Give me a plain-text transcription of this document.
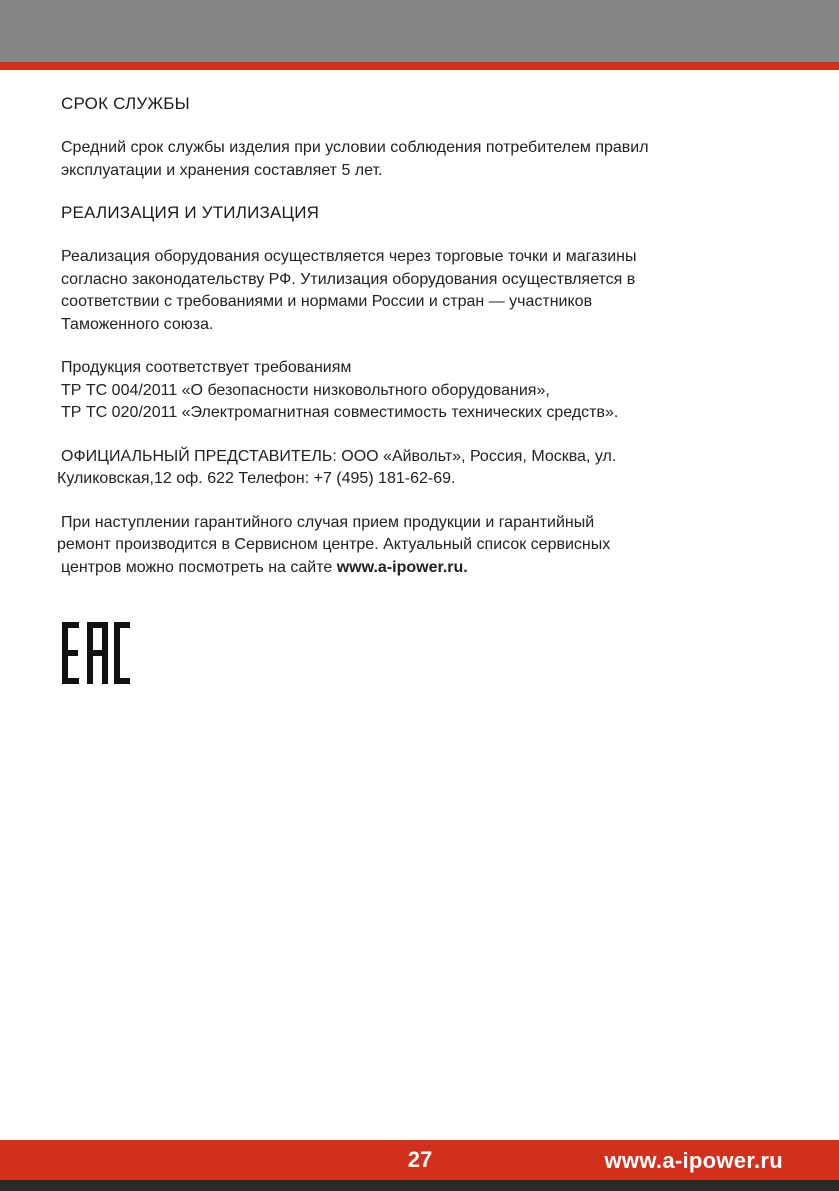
СРОК СЛУЖБЫ

Средний срок службы изделия при условии соблюдения потребителем правил
эксплуатации и хранения составляет 5 лет.

РЕАЛИЗАЦИЯ И УТИЛИЗАЦИЯ

Реализация оборудования осуществляется через торговые точки и магазины
согласно законодательству РФ. Утилизация оборудования осуществляется в
соответствии с требованиями и нормами России и стран — участников
Таможенного союза.

Продукция соответствует требованиям
ТР ТС 004/2011 «О безопасности низковольтного оборудования»,
ТР ТС 020/2011 «Электромагнитная совместимость технических средств».

ОФИЦИАЛЬНЫЙ ПРЕДСТАВИТЕЛЬ: ООО «Айвольт», Россия, Москва, ул.
Куликовская,12 оф. 622 Телефон: +7 (495) 181-62-69.

При наступлении гарантийного случая прием продукции и гарантийный
ремонт производится в Сервисном центре. Актуальный список сервисных
центров можно посмотреть на сайте www.a-ipower.ru.

27	www.a-ipower.ru
